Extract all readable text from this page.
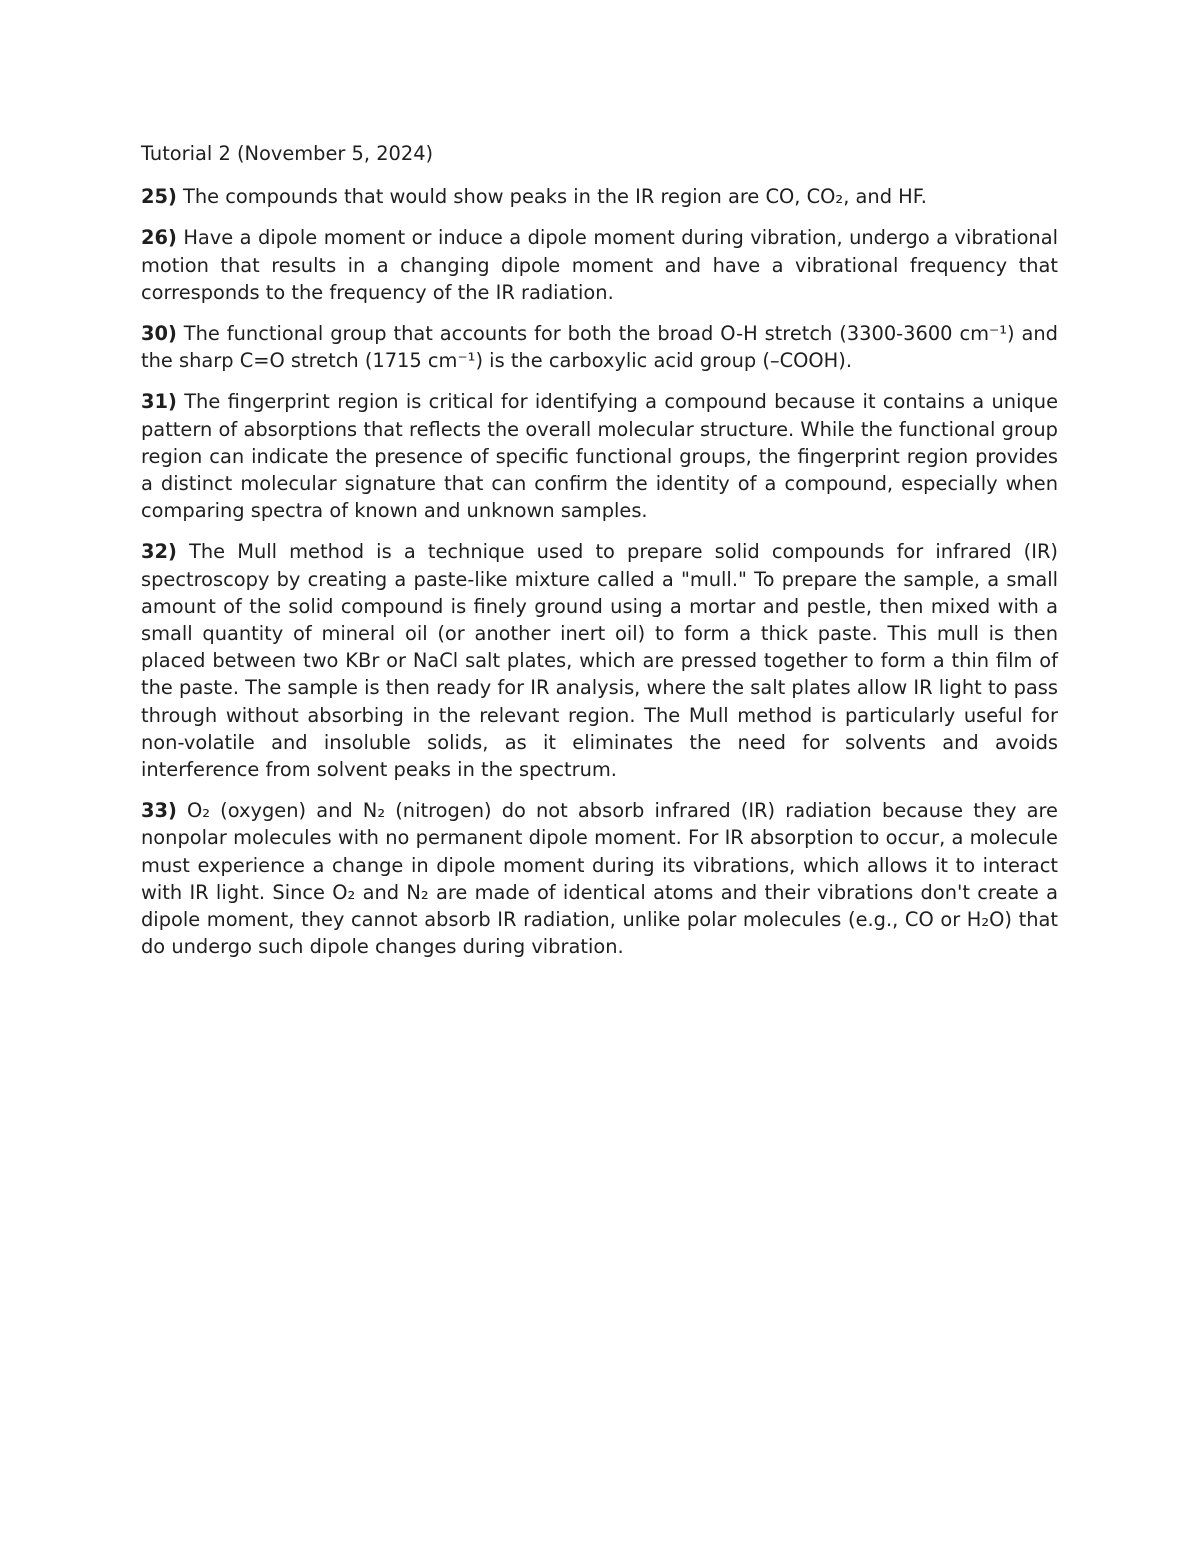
Tutorial 2 (November 5, 2024)

25) The compounds that would show peaks in the IR region are CO, CO₂, and HF.

26) Have a dipole moment or induce a dipole moment during vibration, undergo a vibrational motion that results in a changing dipole moment and have a vibrational frequency that corresponds to the frequency of the IR radiation.

30) The functional group that accounts for both the broad O-H stretch (3300-3600 cm⁻¹) and the sharp C=O stretch (1715 cm⁻¹) is the carboxylic acid group (–COOH).

31) The fingerprint region is critical for identifying a compound because it contains a unique pattern of absorptions that reflects the overall molecular structure. While the functional group region can indicate the presence of specific functional groups, the fingerprint region provides a distinct molecular signature that can confirm the identity of a compound, especially when comparing spectra of known and unknown samples.

32) The Mull method is a technique used to prepare solid compounds for infrared (IR) spectroscopy by creating a paste-like mixture called a "mull." To prepare the sample, a small amount of the solid compound is finely ground using a mortar and pestle, then mixed with a small quantity of mineral oil (or another inert oil) to form a thick paste. This mull is then placed between two KBr or NaCl salt plates, which are pressed together to form a thin film of the paste. The sample is then ready for IR analysis, where the salt plates allow IR light to pass through without absorbing in the relevant region. The Mull method is particularly useful for non-volatile and insoluble solids, as it eliminates the need for solvents and avoids interference from solvent peaks in the spectrum.

33) O₂ (oxygen) and N₂ (nitrogen) do not absorb infrared (IR) radiation because they are nonpolar molecules with no permanent dipole moment. For IR absorption to occur, a molecule must experience a change in dipole moment during its vibrations, which allows it to interact with IR light. Since O₂ and N₂ are made of identical atoms and their vibrations don't create a dipole moment, they cannot absorb IR radiation, unlike polar molecules (e.g., CO or H₂O) that do undergo such dipole changes during vibration.
